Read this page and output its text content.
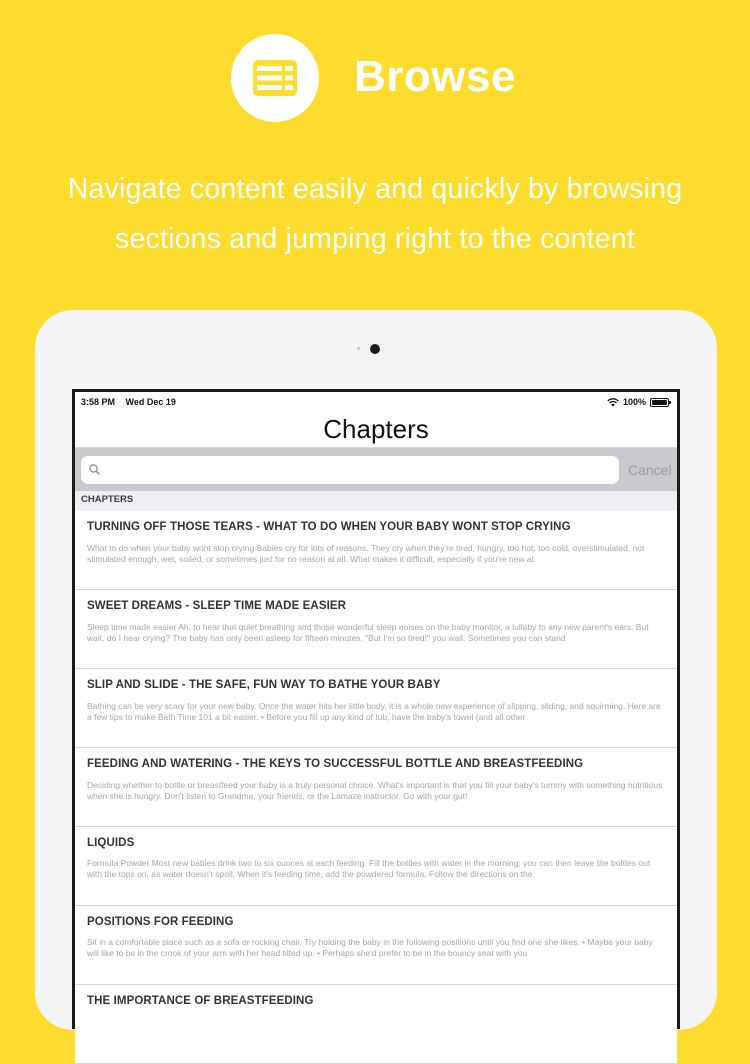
Browse
Navigate content easily and quickly by browsing
sections and jumping right to the content
3:58 PM Wed Dec 19	100%
Chapters
Cancel
CHAPTERS
TURNING OFF THOSE TEARS - WHAT TO DO WHEN YOUR BABY WONT STOP CRYING
What to do when your baby wont stop crying Babies cry for lots of reasons. They cry when they're tired, hungry, too hot, too cold, overstimulated, not stimulated enough, wet, soiled, or sometimes just for no reason at all. What makes it difficult, especially if you're new at
SWEET DREAMS - SLEEP TIME MADE EASIER
Sleep time made easier Ah, to hear that quiet breathing and those wonderful sleep noises on the baby monitor, a lullaby to any new parent's ears. But wait, do I hear crying? The baby has only been asleep for fifteen minutes. "But I'm so tired!" you wail. Sometimes you can stand
SLIP AND SLIDE - THE SAFE, FUN WAY TO BATHE YOUR BABY
Bathing can be very scary for your new baby. Once the water hits her little body, it is a whole new experience of slipping, sliding, and squirming. Here are a few tips to make Bath Time 101 a bit easier. • Before you fill up any kind of tub, have the baby's towel (and all other
FEEDING AND WATERING - THE KEYS TO SUCCESSFUL BOTTLE AND BREASTFEEDING
Deciding whether to bottle or breastfeed your baby is a truly personal choice. What's important is that you fill your baby's tummy with something nutritious when she is hungry. Don't listen to Grandma, your friends, or the Lamaze instructor. Go with your gut!
LIQUIDS
Formula Powder Most new babies drink two to six ounces at each feeding. Fill the bottles with water in the morning; you can then leave the bottles out with the tops on, as water doesn't spoil. When it's feeding time, add the powdered formula. Follow the directions on the
POSITIONS FOR FEEDING
Sit in a comfortable place such as a sofa or rocking chair. Try holding the baby in the following positions until you find one she likes. • Maybe your baby will like to be in the crook of your arm with her head tilted up. • Perhaps she'd prefer to be in the bouncy seat with you
THE IMPORTANCE OF BREASTFEEDING
